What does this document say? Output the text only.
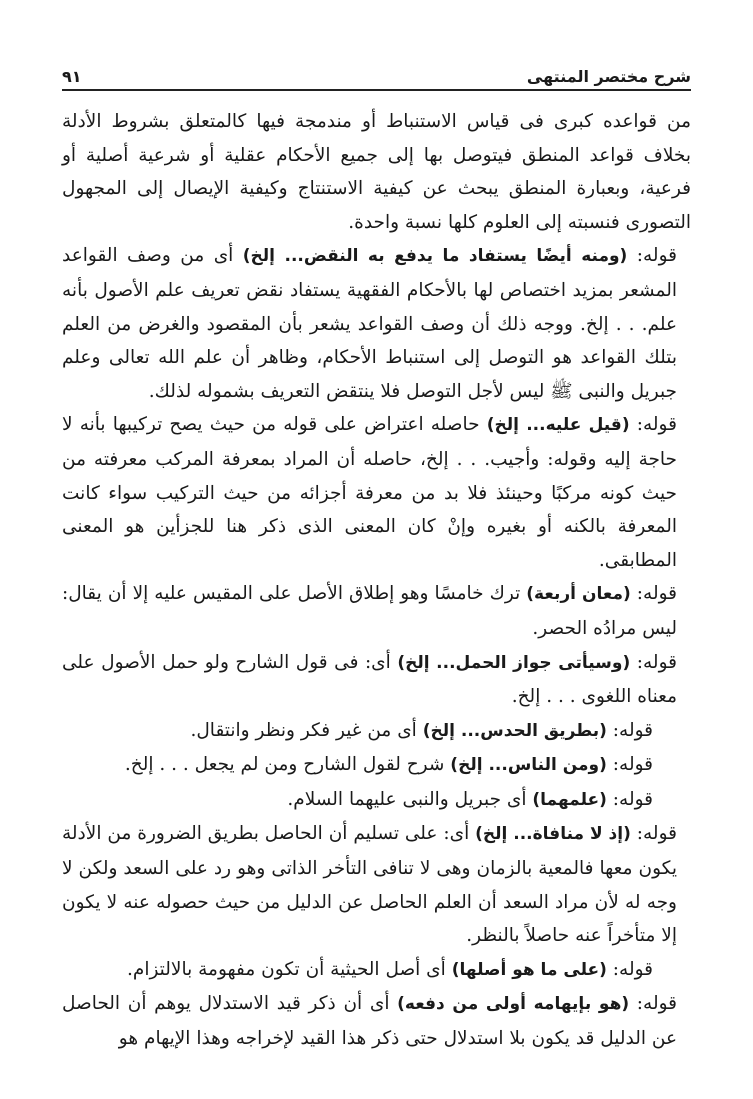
شرح مختصر المنتهى
٩١

من قواعده كبرى فى قياس الاستنباط أو مندمجة فيها كالمتعلق بشروط الأدلة بخلاف قواعد المنطق فيتوصل بها إلى جميع الأحكام عقلية أو شرعية أصلية أو فرعية، وبعبارة المنطق يبحث عن كيفية الاستنتاج وكيفية الإيصال إلى المجهول التصورى فنسبته إلى العلوم كلها نسبة واحدة.

قوله: (ومنه أيضًا يستفاد ما يدفع به النقض... إلخ) أى من وصف القواعد المشعر بمزيد اختصاص لها بالأحكام الفقهية يستفاد نقض تعريف علم الأصول بأنه علم. . . إلخ. ووجه ذلك أن وصف القواعد يشعر بأن المقصود والغرض من العلم بتلك القواعد هو التوصل إلى استنباط الأحكام، وظاهر أن علم الله تعالى وعلم جبريل والنبى ﷺ ليس لأجل التوصل فلا ينتقض التعريف بشموله لذلك.

قوله: (قيل عليه... إلخ) حاصله اعتراض على قوله من حيث يصح تركيبها بأنه لا حاجة إليه وقوله: وأجيب. . . إلخ، حاصله أن المراد بمعرفة المركب معرفته من حيث كونه مركبًا وحينئذ فلا بد من معرفة أجزائه من حيث التركيب سواء كانت المعرفة بالكنه أو بغيره وإنْ كان المعنى الذى ذكر هنا للجزأين هو المعنى المطابقى.

قوله: (معان أربعة) ترك خامسًا وهو إطلاق الأصل على المقيس عليه إلا أن يقال: ليس مرادُه الحصر.

قوله: (وسيأتى جواز الحمل... إلخ) أى: فى قول الشارح ولو حمل الأصول على معناه اللغوى . . . إلخ.

قوله: (بطريق الحدس... إلخ) أى من غير فكر ونظر وانتقال.

قوله: (ومن الناس... إلخ) شرح لقول الشارح ومن لم يجعل . . . إلخ.

قوله: (علمهما) أى جبريل والنبى عليهما السلام.

قوله: (إذ لا منافاة... إلخ) أى: على تسليم أن الحاصل بطريق الضرورة من الأدلة يكون معها فالمعية بالزمان وهى لا تنافى التأخر الذاتى وهو رد على السعد ولكن لا وجه له لأن مراد السعد أن العلم الحاصل عن الدليل من حيث حصوله عنه لا يكون إلا متأخراً عنه حاصلاً بالنظر.

قوله: (على ما هو أصلها) أى أصل الحيثية أن تكون مفهومة بالالتزام.

قوله: (هو بإيهامه أولى من دفعه) أى أن ذكر قيد الاستدلال يوهم أن الحاصل عن الدليل قد يكون بلا استدلال حتى ذكر هذا القيد لإخراجه وهذا الإيهام هو
